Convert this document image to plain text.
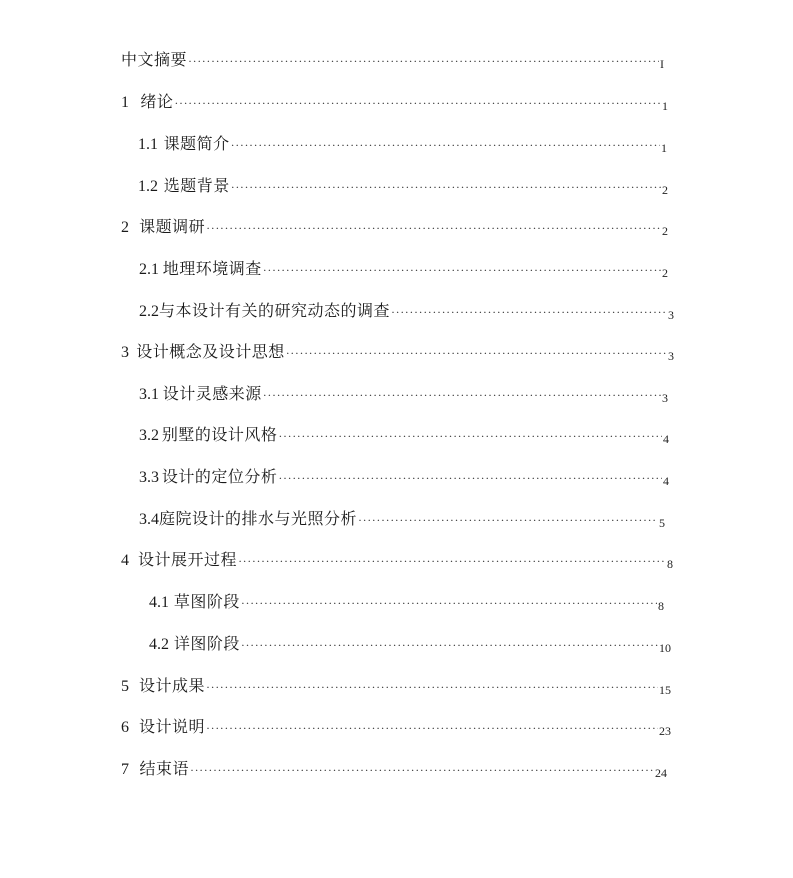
中文摘要 ·····	I
1 绪论 ·····	1
1.1 课题简介 ·····	1
1.2 选题背景 ·····	2
2 课题调研 ·····	2
2.1 地理环境调查 ·····	2
2.2 与本设计有关的研究动态的调查 ·····	3
3 设计概念及设计思想 ·····	3
3.1 设计灵感来源 ·····	3
3.2 别墅的设计风格 ·····	4
3.3 设计的定位分析 ·····	4
3.4 庭院设计的排水与光照分析 ·····	5
4 设计展开过程 ·····	8
4.1 草图阶段 ·····	8
4.2 详图阶段 ·····	10
5 设计成果 ·····	15
6 设计说明 ·····	23
7 结束语 ·····	24
